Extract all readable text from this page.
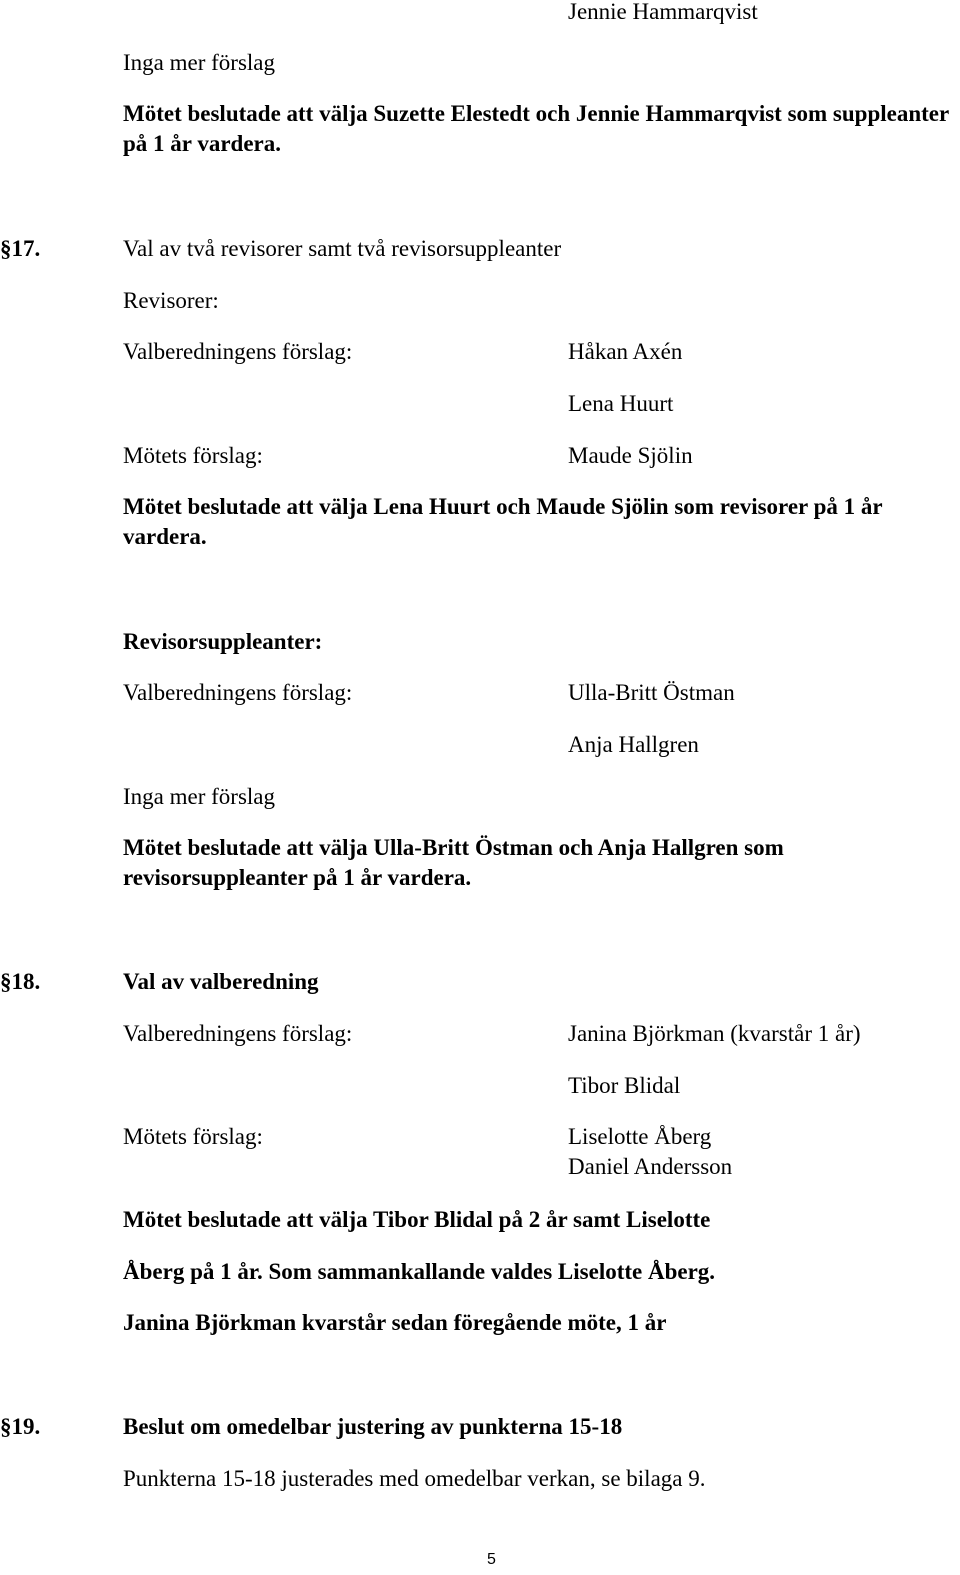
Jennie Hammarqvist
Inga mer förslag
Mötet beslutade att välja Suzette Elestedt och Jennie Hammarqvist som suppleanter på 1 år vardera.
§17.	Val av två revisorer samt två revisorsuppleanter
Revisorer:
Valberedningens förslag:	Håkan Axén
Lena Huurt
Mötets förslag:	Maude Sjölin
Mötet beslutade att välja Lena Huurt och Maude Sjölin som revisorer på 1 år vardera.
Revisorsuppleanter:
Valberedningens förslag:	Ulla-Britt Östman
Anja Hallgren
Inga mer förslag
Mötet beslutade att välja Ulla-Britt Östman och Anja Hallgren som revisorsuppleanter på 1 år vardera.
§18.	Val av valberedning
Valberedningens förslag:	Janina Björkman (kvarstår 1 år)
Tibor Blidal
Mötets förslag:	Liselotte Åberg
Daniel Andersson
Mötet beslutade att välja Tibor Blidal på 2 år samt Liselotte
Åberg på 1 år. Som sammankallande valdes Liselotte Åberg.
Janina Björkman kvarstår sedan föregående möte, 1 år
§19.	Beslut om omedelbar justering av punkterna 15-18
Punkterna 15-18 justerades med omedelbar verkan, se bilaga 9.
5
